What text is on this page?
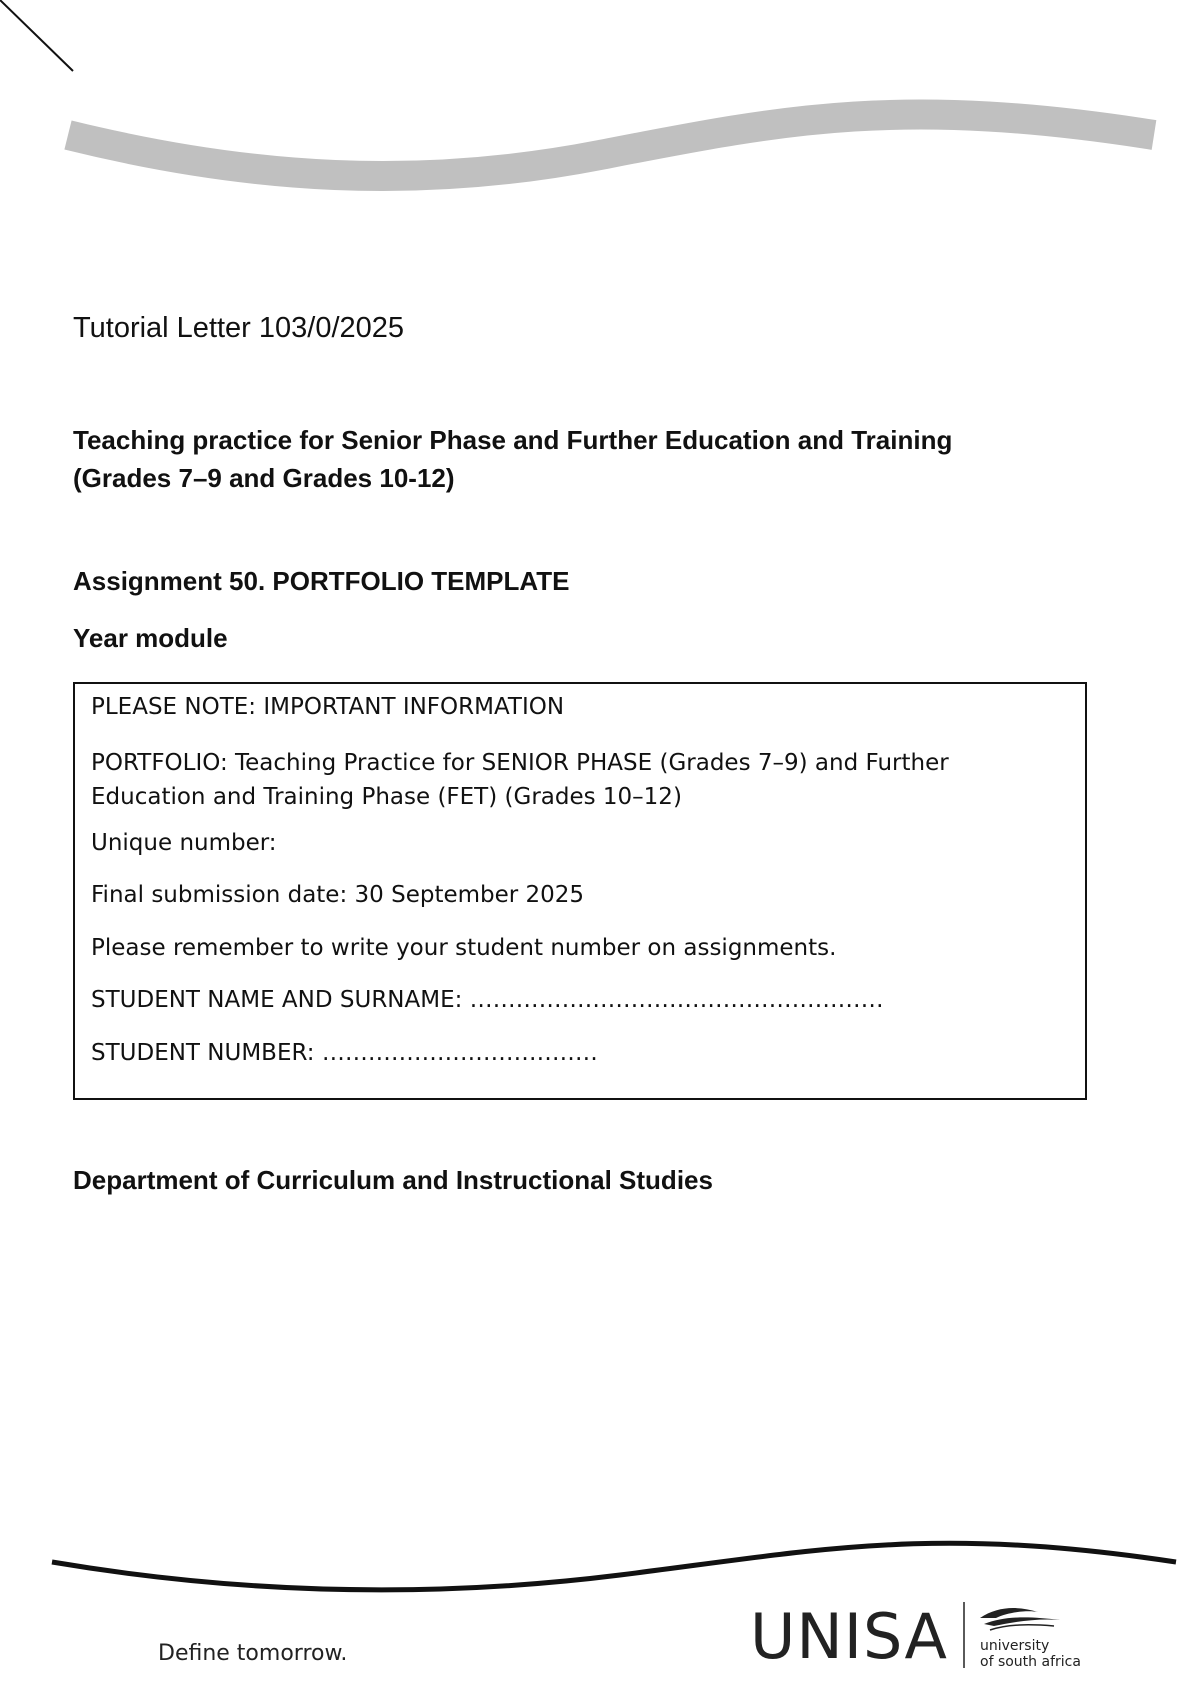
Tutorial Letter 103/0/2025
Teaching practice for Senior Phase and Further Education and Training
(Grades 7–9 and Grades 10-12)
Assignment 50. PORTFOLIO TEMPLATE
Year module
PLEASE NOTE: IMPORTANT INFORMATION
PORTFOLIO: Teaching Practice for SENIOR PHASE (Grades 7–9) and Further Education and Training Phase (FET) (Grades 10–12)
Unique number:
Final submission date: 30 September 2025
Please remember to write your student number on assignments.
STUDENT NAME AND SURNAME: ………………………………………………
STUDENT NUMBER: ………………………………
Department of Curriculum and Instructional Studies
Define tomorrow.	UNISA university
of south africa
